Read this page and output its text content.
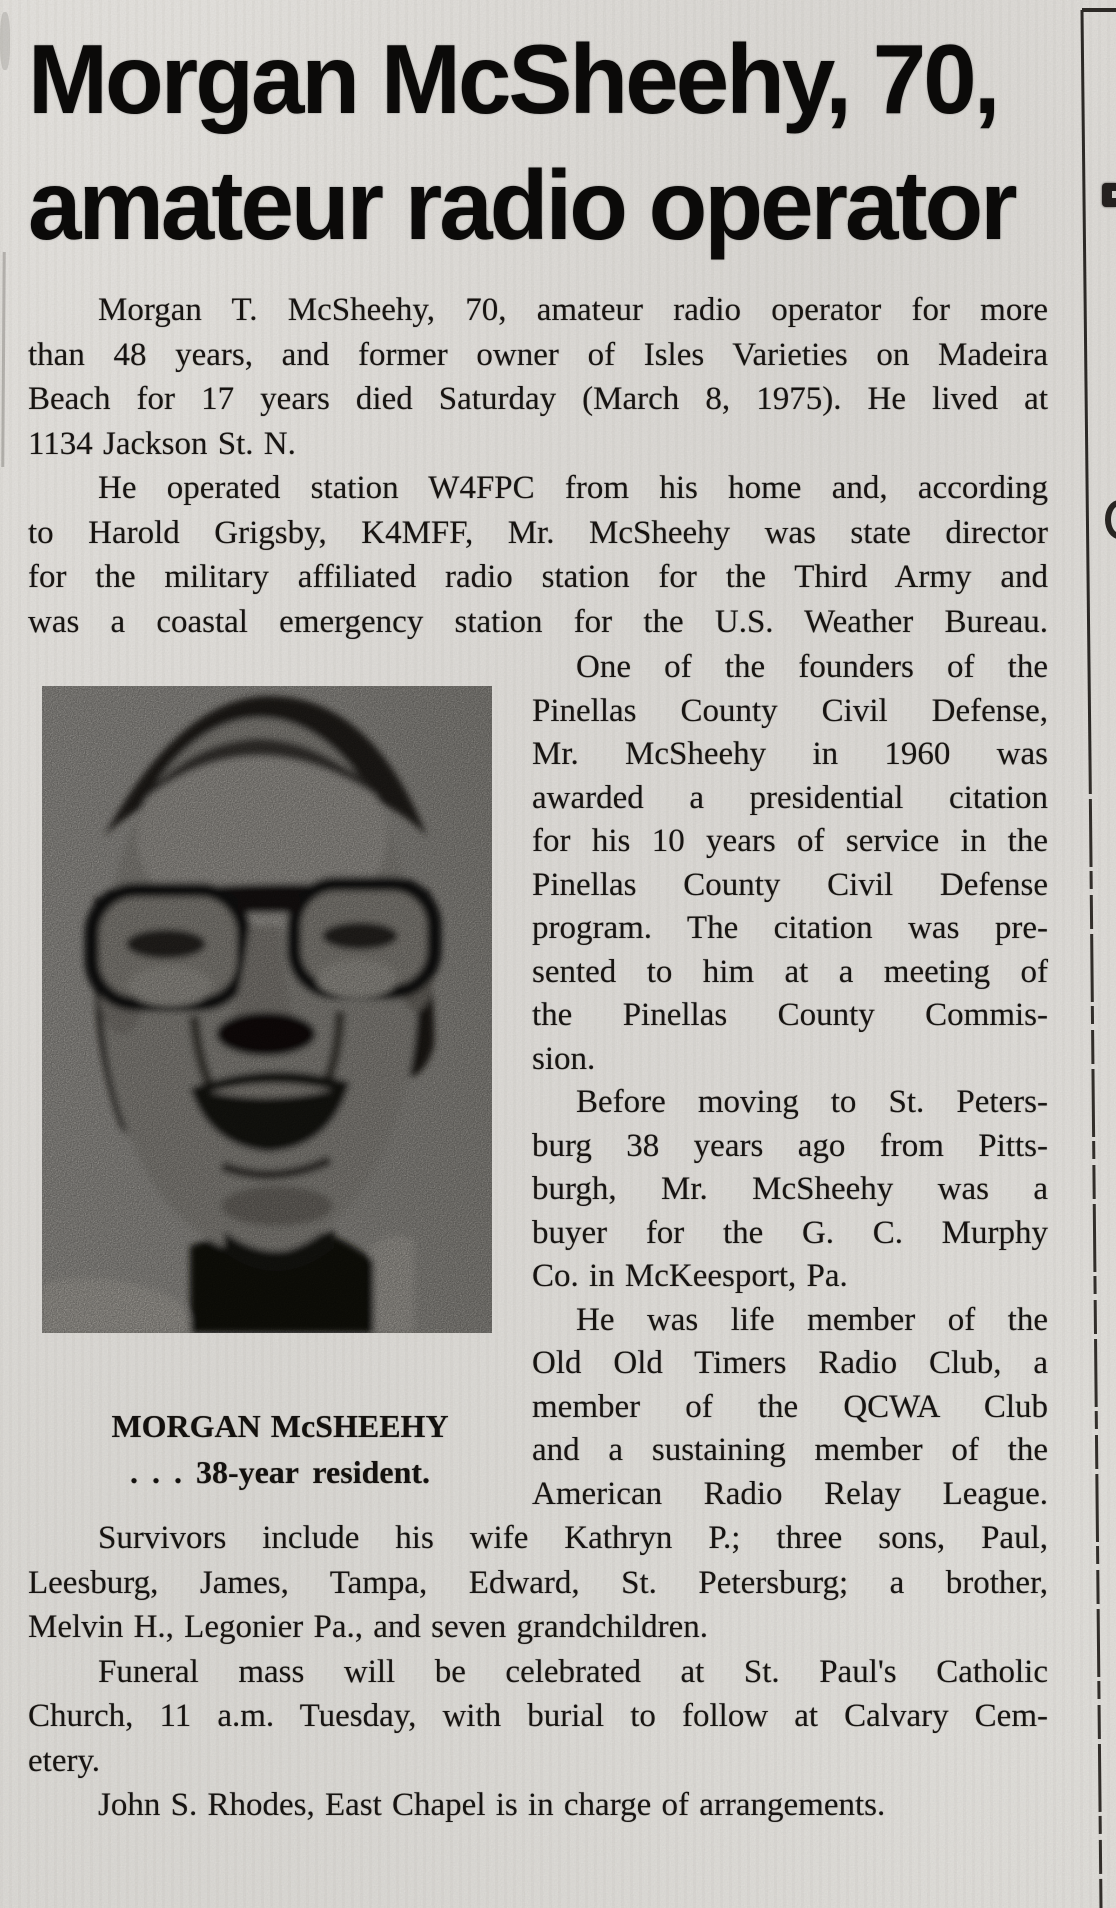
Morgan McSheehy, 70,
amateur radio operator
Morgan T. McSheehy, 70, amateur radio operator for more
than 48 years, and former owner of Isles Varieties on Madeira
Beach for 17 years died Saturday (March 8, 1975). He lived at
1134 Jackson St. N.
He operated station W4FPC from his home and, according
to Harold Grigsby, K4MFF, Mr. McSheehy was state director
for the military affiliated radio station for the Third Army and
was a coastal emergency station for the U.S. Weather Bureau.
MORGAN McSHEEHY
. . . 38-year resident.
One of the founders of the
Pinellas County Civil Defense,
Mr. McSheehy in 1960 was
awarded a presidential citation
for his 10 years of service in the
Pinellas County Civil Defense
program. The citation was pre-
sented to him at a meeting of
the Pinellas County Commis-
sion.
Before moving to St. Peters-
burg 38 years ago from Pitts-
burgh, Mr. McSheehy was a
buyer for the G. C. Murphy
Co. in McKeesport, Pa.
He was life member of the
Old Old Timers Radio Club, a
member of the QCWA Club
and a sustaining member of the
American Radio Relay League.
Survivors include his wife Kathryn P.; three sons, Paul,
Leesburg, James, Tampa, Edward, St. Petersburg; a brother,
Melvin H., Legonier Pa., and seven grandchildren.
Funeral mass will be celebrated at St. Paul's Catholic
Church, 11 a.m. Tuesday, with burial to follow at Calvary Cem-
etery.
John S. Rhodes, East Chapel is in charge of arrangements.
